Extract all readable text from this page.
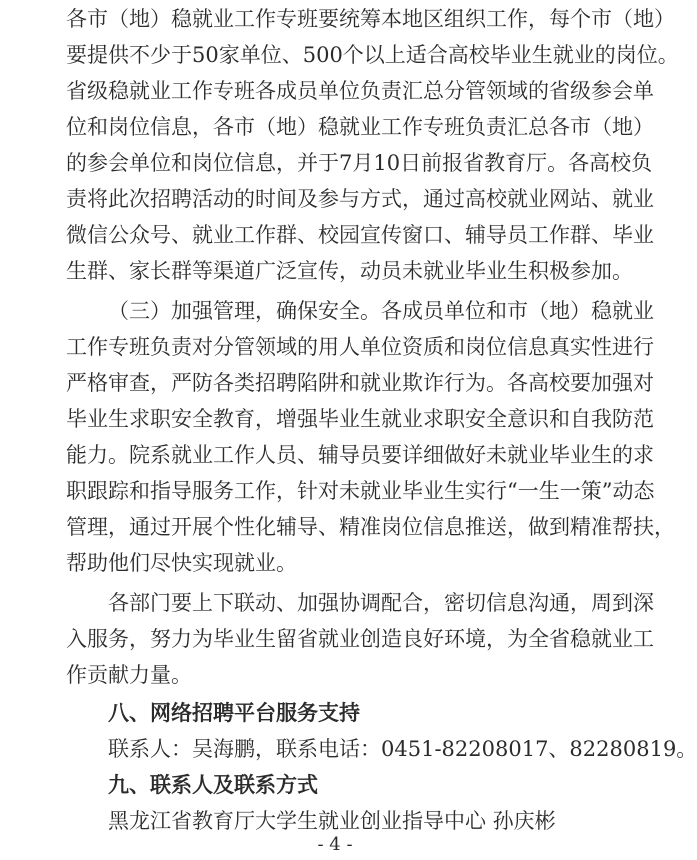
各市（地）稳就业工作专班要统筹本地区组织工作，每个市（地）
要提供不少于50家单位、500个以上适合高校毕业生就业的岗位。
省级稳就业工作专班各成员单位负责汇总分管领域的省级参会单
位和岗位信息，各市（地）稳就业工作专班负责汇总各市（地）
的参会单位和岗位信息，并于7月10日前报省教育厅。各高校负
责将此次招聘活动的时间及参与方式，通过高校就业网站、就业
微信公众号、就业工作群、校园宣传窗口、辅导员工作群、毕业
生群、家长群等渠道广泛宣传，动员未就业毕业生积极参加。
（三）加强管理，确保安全。各成员单位和市（地）稳就业
工作专班负责对分管领域的用人单位资质和岗位信息真实性进行
严格审查，严防各类招聘陷阱和就业欺诈行为。各高校要加强对
毕业生求职安全教育，增强毕业生就业求职安全意识和自我防范
能力。院系就业工作人员、辅导员要详细做好未就业毕业生的求
职跟踪和指导服务工作，针对未就业毕业生实行“一生一策”动态
管理，通过开展个性化辅导、精准岗位信息推送，做到精准帮扶，
帮助他们尽快实现就业。
各部门要上下联动、加强协调配合，密切信息沟通，周到深
入服务，努力为毕业生留省就业创造良好环境，为全省稳就业工
作贡献力量。
八、网络招聘平台服务支持
联系人：吴海鹏，联系电话：0451-82208017、82280819。
九、联系人及联系方式
黑龙江省教育厅大学生就业创业指导中心 孙庆彬
- 4 -
